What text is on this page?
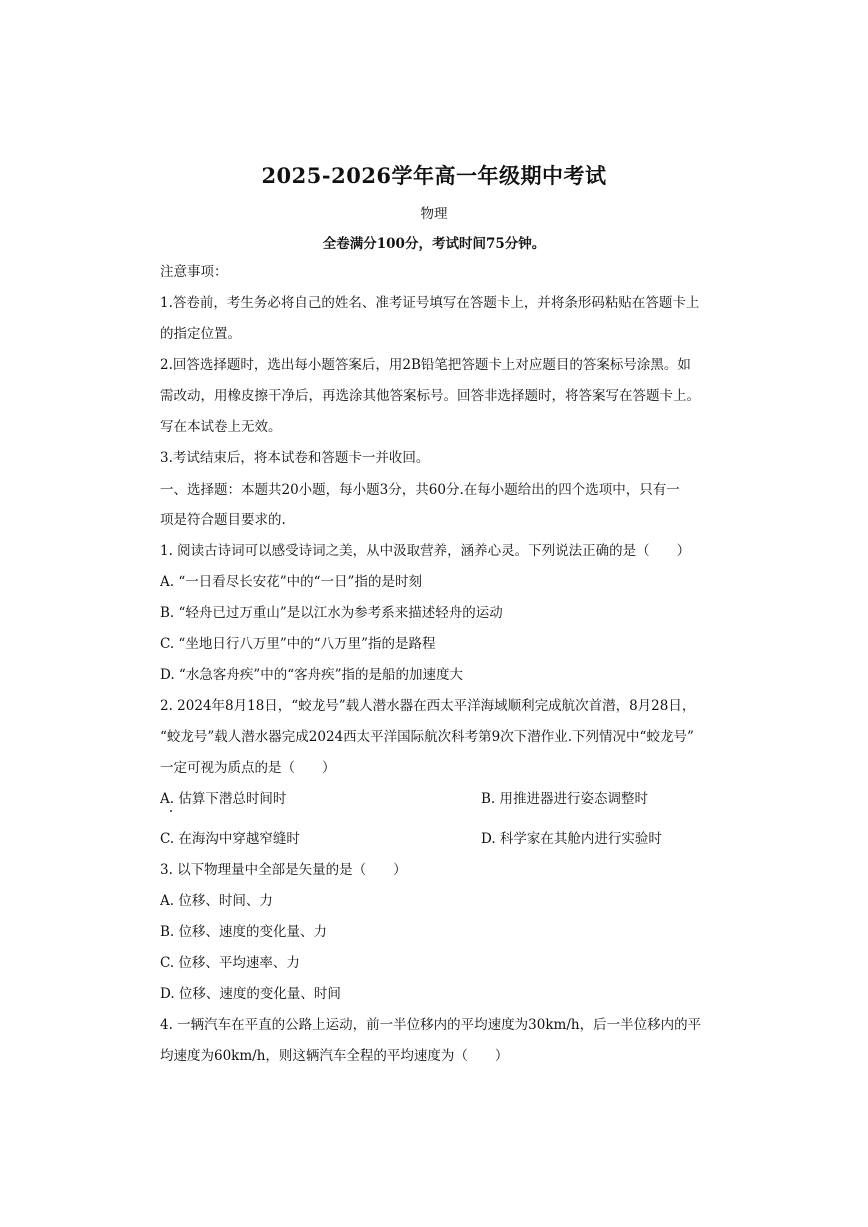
2025-2026学年高一年级期中考试
物理
全卷满分100分，考试时间75分钟。
注意事项：
1.答卷前，考生务必将自己的姓名、准考证号填写在答题卡上，并将条形码粘贴在答题卡上
的指定位置。
2.回答选择题时，选出每小题答案后，用2B铅笔把答题卡上对应题目的答案标号涂黑。如
需改动，用橡皮擦干净后，再选涂其他答案标号。回答非选择题时，将答案写在答题卡上。
写在本试卷上无效。
3.考试结束后，将本试卷和答题卡一并收回。
一、选择题：本题共20小题，每小题3分，共60分.在每小题给出的四个选项中，只有一
项是符合题目要求的.
1. 阅读古诗词可以感受诗词之美，从中汲取营养，涵养心灵。下列说法正确的是（　　）
A. “一日看尽长安花”中的“一日”指的是时刻
B. “轻舟已过万重山”是以江水为参考系来描述轻舟的运动
C. “坐地日行八万里”中的“八万里”指的是路程
D. “水急客舟疾”中的“客舟疾”指的是船的加速度大
2. 2024年8月18日，“蛟龙号”载人潜水器在西太平洋海域顺利完成航次首潜，8月28日，
“蛟龙号”载人潜水器完成2024西太平洋国际航次科考第9次下潜作业.下列情况中“蛟龙号”
一定可视为质点的是（　　）
A. 估算下潜总时间时	B. 用推进器进行姿态调整时
C. 在海沟中穿越窄缝时	D. 科学家在其舱内进行实验时
3. 以下物理量中全部是矢量的是（　　）
A. 位移、时间、力
B. 位移、速度的变化量、力
C. 位移、平均速率、力
D. 位移、速度的变化量、时间
4. 一辆汽车在平直的公路上运动，前一半位移内的平均速度为30km/h，后一半位移内的平
均速度为60km/h，则这辆汽车全程的平均速度为（　　）
